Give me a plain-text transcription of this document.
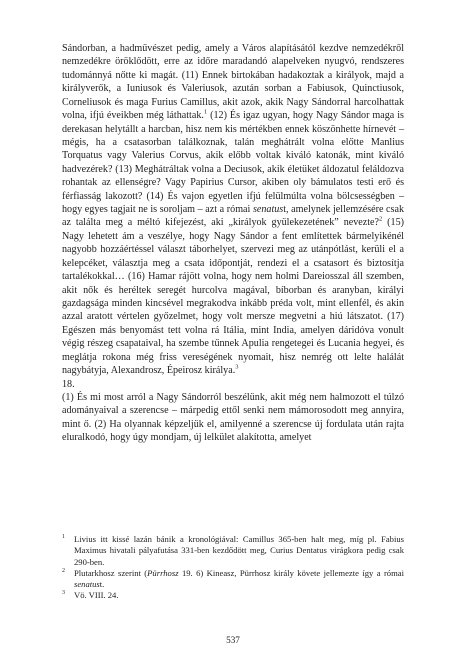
Sándorban, a hadművészet pedig, amely a Város alapításától kezdve nemzedékről nemzedékre öröklődött, erre az időre maradandó alapelveken nyugvó, rendszeres tudománnyá nőtte ki magát. (11) Ennek birtokában hadakoztak a királyok, majd a királyverők, a Iuniusok és Valeriusok, azután sorban a Fabiusok, Quinctiusok, Corneliusok és maga Furius Camillus, akit azok, akik Nagy Sándorral harcolhattak volna, ifjú éveikben még láthattak.$^1$ (12) És igaz ugyan, hogy Nagy Sándor maga is derekasan helytállt a harcban, hisz nem kis mértékben ennek köszönhette hírnevét – mégis, ha a csatasorban találkoznak, talán meghátrált volna előtte Manlius Torquatus vagy Valerius Corvus, akik előbb voltak kiváló katonák, mint kiváló hadvezérek? (13) Meghátráltak volna a Deciusok, akik életüket áldozatul feláldozva rohantak az ellenségre? Vagy Papirius Cursor, akiben oly bámulatos testi erő és férfiasság lakozott? (14) És vajon egyetlen ifjú felülmúlta volna bölcsességben – hogy egyes tagjait ne is soroljam – azt a római senatust, amelynek jellemzésére csak az találta meg a méltó kifejezést, aki „királyok gyülekezetének” nevezte?$^2$ (15) Nagy lehetett ám a veszélye, hogy Nagy Sándor a fent említettek bármelyikénél nagyobb hozzáértéssel választ táborhelyet, szervezi meg az utánpótlást, kerüli el a kelepcéket, választja meg a csata időpontját, rendezi el a csatasort és biztosítja tartalékokkal… (16) Hamar rájött volna, hogy nem holmi Dareiosszal áll szemben, akit nők és heréltek seregét hurcolva magával, bíborban és aranyban, királyi gazdagsága minden kincsével megrakodva inkább préda volt, mint ellenfél, és akin azzal aratott vértelen győzelmet, hogy volt mersze megvetni a hiú látszatot. (17) Egészen más benyomást tett volna rá Itália, mint India, amelyen dáridóva vonult végig részeg csapataival, ha szembe tűnnek Apulia rengetegei és Lucania hegyei, és meglátja rokona még friss vereségének nyomait, hisz nemrég ott lelte halálát nagybátyja, Alexandrosz, Épeirosz királya.$^3$

18.

(1) És mi most arról a Nagy Sándorról beszélünk, akit még nem halmozott el túlzó adományaival a szerencse – márpedig ettől senki nem mámorosodott meg annyira, mint ő. (2) Ha olyannak képzeljük el, amilyenné a szerencse új fordulata után rajta eluralkodó, hogy úgy mondjam, új lelkület alakította, amelyet

1	Livius itt kissé lazán bánik a kronológiával: Camillus 365-ben halt meg, míg pl. Fabius Maximus hivatali pályafutása 331-ben kezdődött meg, Curius Dentatus virágkora pedig csak 290-ben.
2	Plutarkhosz szerint (Pürrhosz 19. 6) Kineasz, Pürrhosz király követe jellemezte így a római senatust.
3	Vö. VIII. 24.
537
